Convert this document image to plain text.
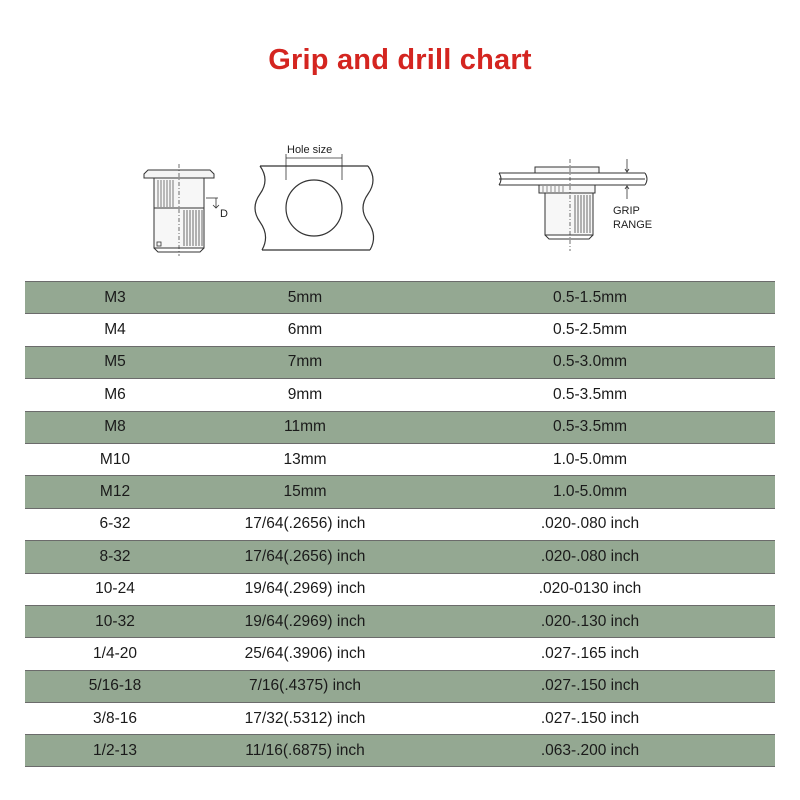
Grip and drill chart
D
Hole size
GRIP
RANGE
M3	5mm	0.5-1.5mm
M4	6mm	0.5-2.5mm
M5	7mm	0.5-3.0mm
M6	9mm	0.5-3.5mm
M8	11mm	0.5-3.5mm
M10	13mm	1.0-5.0mm
M12	15mm	1.0-5.0mm
6-32	17/64(.2656) inch	.020-.080 inch
8-32	17/64(.2656) inch	.020-.080 inch
10-24	19/64(.2969) inch	.020-0130 inch
10-32	19/64(.2969) inch	.020-.130 inch
1/4-20	25/64(.3906) inch	.027-.165 inch
5/16-18	7/16(.4375) inch	.027-.150 inch
3/8-16	17/32(.5312) inch	.027-.150 inch
1/2-13	11/16(.6875) inch	.063-.200 inch
